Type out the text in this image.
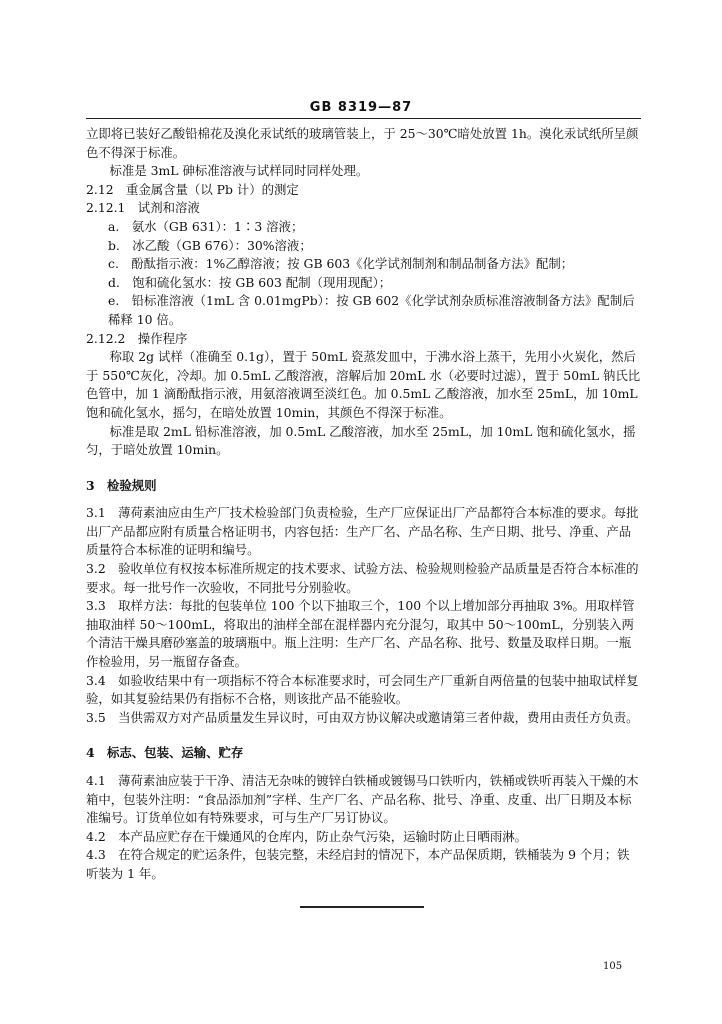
GB 8319—87

立即将已装好乙酸铅棉花及溴化汞试纸的玻璃管装上，于 25～30℃暗处放置 1h。溴化汞试纸所呈颜色不得深于标准。

标准是 3mL 砷标准溶液与试样同时同样处理。

2.12　重金属含量（以 Pb 计）的测定

2.12.1　试剂和溶液

a.　氨水（GB 631）：1∶3 溶液；

b.　冰乙酸（GB 676）：30%溶液；

c.　酚酞指示液：1%乙醇溶液；按 GB 603《化学试剂制剂和制品制备方法》配制；

d.　饱和硫化氢水：按 GB 603 配制（现用现配）；

e.　铅标准溶液（1mL 含 0.01mgPb）：按 GB 602《化学试剂杂质标准溶液制备方法》配制后稀释 10 倍。

2.12.2　操作程序

称取 2g 试样（准确至 0.1g），置于 50mL 瓷蒸发皿中，于沸水浴上蒸干，先用小火炭化，然后于 550℃灰化，冷却。加 0.5mL 乙酸溶液，溶解后加 20mL 水（必要时过滤），置于 50mL 钠氏比色管中，加 1 滴酚酞指示液，用氨溶液调至淡红色。加 0.5mL 乙酸溶液，加水至 25mL，加 10mL 饱和硫化氢水，摇匀，在暗处放置 10min，其颜色不得深于标准。

标准是取 2mL 铅标准溶液，加 0.5mL 乙酸溶液，加水至 25mL，加 10mL 饱和硫化氢水，摇匀，于暗处放置 10min。

3　检验规则

3.1　薄荷素油应由生产厂技术检验部门负责检验，生产厂应保证出厂产品都符合本标准的要求。每批出厂产品都应附有质量合格证明书，内容包括：生产厂名、产品名称、生产日期、批号、净重、产品质量符合本标准的证明和编号。

3.2　验收单位有权按本标准所规定的技术要求、试验方法、检验规则检验产品质量是否符合本标准的要求。每一批号作一次验收，不同批号分别验收。

3.3　取样方法：每批的包装单位 100 个以下抽取三个，100 个以上增加部分再抽取 3%。用取样管抽取油样 50～100mL，将取出的油样全部在混样器内充分混匀，取其中 50～100mL，分别装入两个清洁干燥具磨砂塞盖的玻璃瓶中。瓶上注明：生产厂名、产品名称、批号、数量及取样日期。一瓶作检验用，另一瓶留存备查。

3.4　如验收结果中有一项指标不符合本标准要求时，可会同生产厂重新自两倍量的包装中抽取试样复验，如其复验结果仍有指标不合格，则该批产品不能验收。

3.5　当供需双方对产品质量发生异议时，可由双方协议解决或邀请第三者仲裁，费用由责任方负责。

4　标志、包装、运输、贮存

4.1　薄荷素油应装于干净、清洁无杂味的镀锌白铁桶或镀锡马口铁听内，铁桶或铁听再装入干燥的木箱中，包装外注明：“食品添加剂”字样、生产厂名、产品名称、批号、净重、皮重、出厂日期及本标准编号。订货单位如有特殊要求，可与生产厂另订协议。

4.2　本产品应贮存在干燥通风的仓库内，防止杂气污染，运输时防止日晒雨淋。

4.3　在符合规定的贮运条件，包装完整，未经启封的情况下，本产品保质期，铁桶装为 9 个月；铁听装为 1 年。

105
